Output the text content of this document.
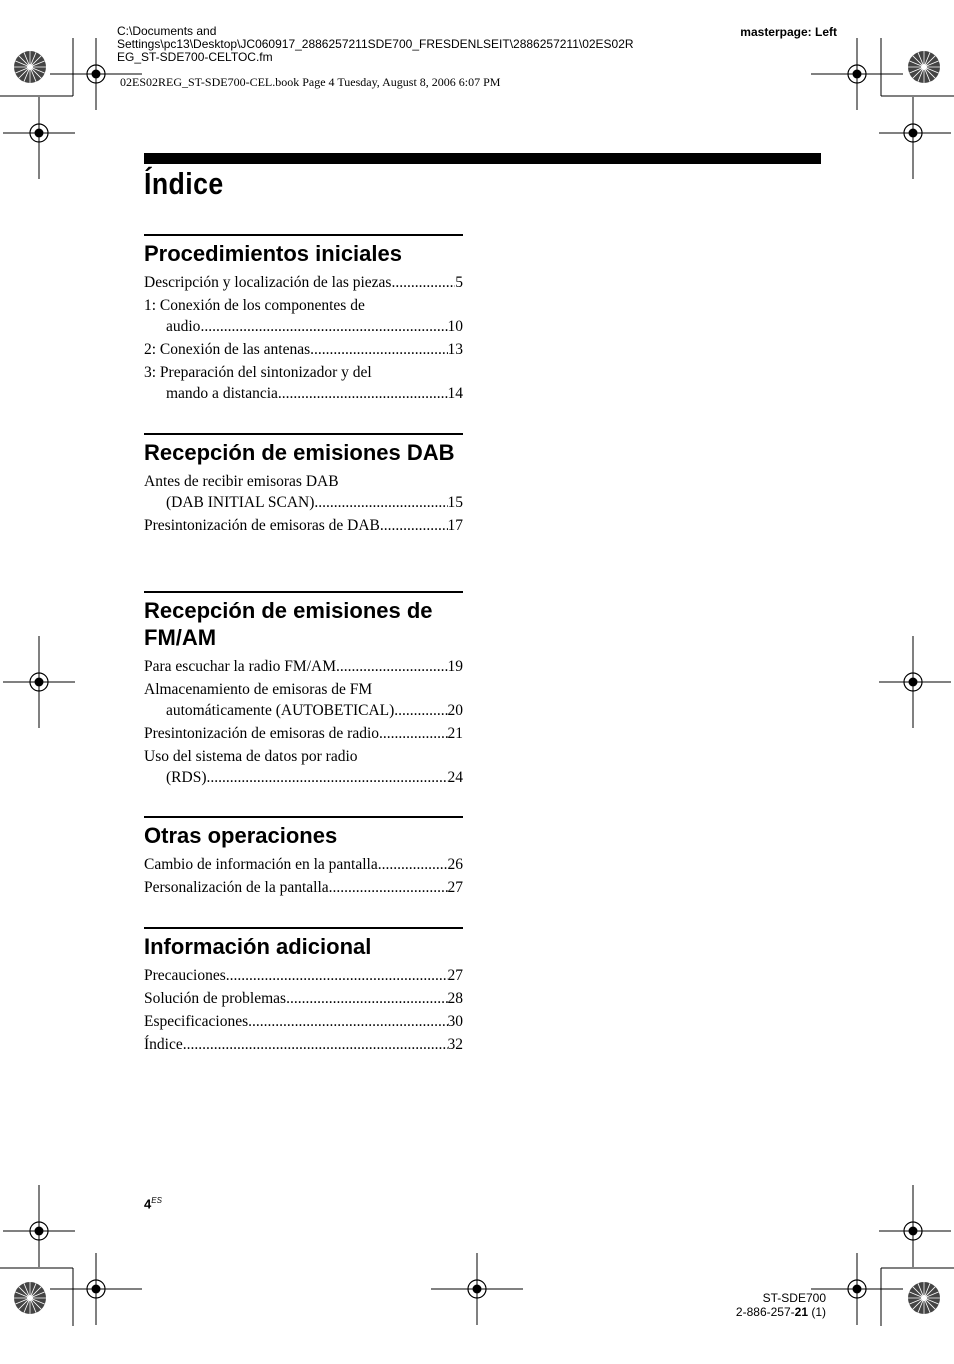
C:\Documents and
Settings\pc13\Desktop\JC060917_2886257211SDE700_FRESDENLSEIT\2886257211\02ES02R
EG_ST-SDE700-CELTOC.fm
masterpage: Left
02ES02REG_ST-SDE700-CEL.book Page 4 Tuesday, August 8, 2006 6:07 PM
Índice
Procedimientos iniciales
Descripción y localización de las piezas .....	5
1: Conexión de los componentes de
audio .....	10
2: Conexión de las antenas .....	13
3: Preparación del sintonizador y del
mando a distancia .....	14
Recepción de emisiones DAB
Antes de recibir emisoras DAB
(DAB INITIAL SCAN) .....	15
Presintonización de emisoras de DAB .....	17
Recepción de emisiones de FM/AM
Para escuchar la radio FM/AM .....	19
Almacenamiento de emisoras de FM
automáticamente (AUTOBETICAL) .....	20
Presintonización de emisoras de radio .....	21
Uso del sistema de datos por radio
(RDS) .....	24
Otras operaciones
Cambio de información en la pantalla .....	26
Personalización de la pantalla .....	27
Información adicional
Precauciones .....	27
Solución de problemas .....	28
Especificaciones .....	30
Índice .....	32
$4^{ES}$
ST-SDE700
2-886-257-21 (1)
